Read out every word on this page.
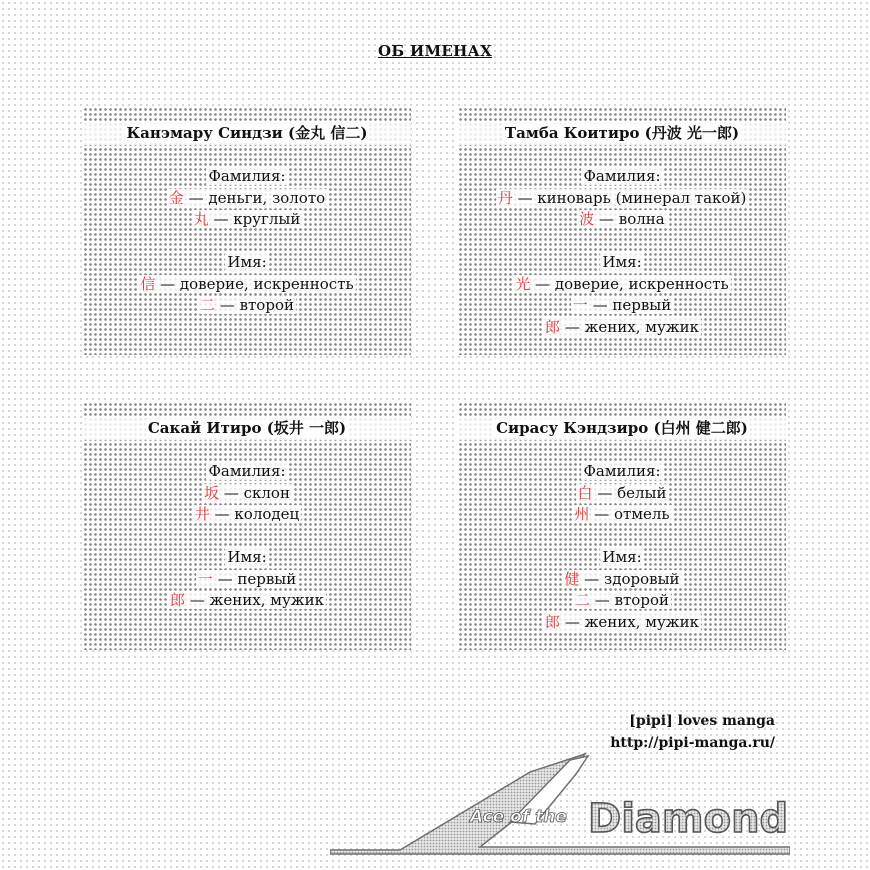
ОБ ИМЕНАХ
Канэмару Синдзи (金丸 信二)
Фамилия:
金 — деньги, золото
丸 — круглый
Имя:
信 — доверие, искренность
二 — второй
Тамба Коитиро (丹波 光一郎)
Фамилия:
丹 — киноварь (минерал такой)
波 — волна
Имя:
光 — доверие, искренность
一 — первый
郎 — жених, мужик
Сакай Итиро (坂井 一郎)
Фамилия:
坂 — склон
井 — колодец
Имя:
一 — первый
郎 — жених, мужик
Сирасу Кэндзиро (白州 健二郎)
Фамилия:
白 — белый
州 — отмель
Имя:
健 — здоровый
二 — второй
郎 — жених, мужик
[pipi] loves manga
http://pipi-manga.ru/
Ace of the Diamond
